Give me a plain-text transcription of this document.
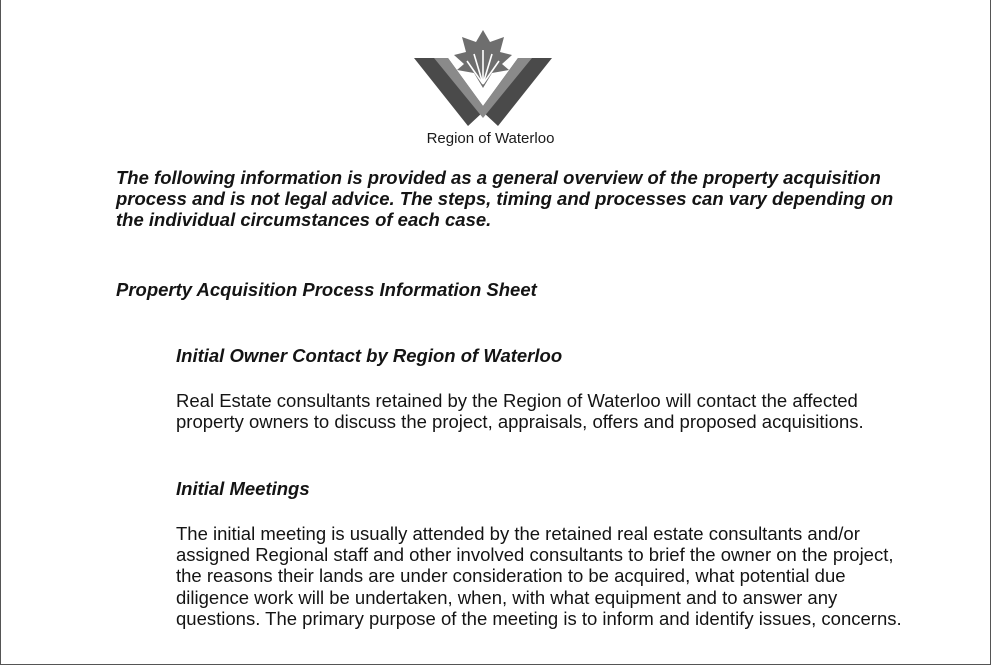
Region of Waterloo

The following information is provided as a general overview of the property acquisition process and is not legal advice. The steps, timing and processes can vary depending on the individual circumstances of each case.

Property Acquisition Process Information Sheet

Initial Owner Contact by Region of Waterloo

Real Estate consultants retained by the Region of Waterloo will contact the affected property owners to discuss the project, appraisals, offers and proposed acquisitions.

Initial Meetings

The initial meeting is usually attended by the retained real estate consultants and/or assigned Regional staff and other involved consultants to brief the owner on the project, the reasons their lands are under consideration to be acquired, what potential due diligence work will be undertaken, when, with what equipment and to answer any questions. The primary purpose of the meeting is to inform and identify issues, concerns.
